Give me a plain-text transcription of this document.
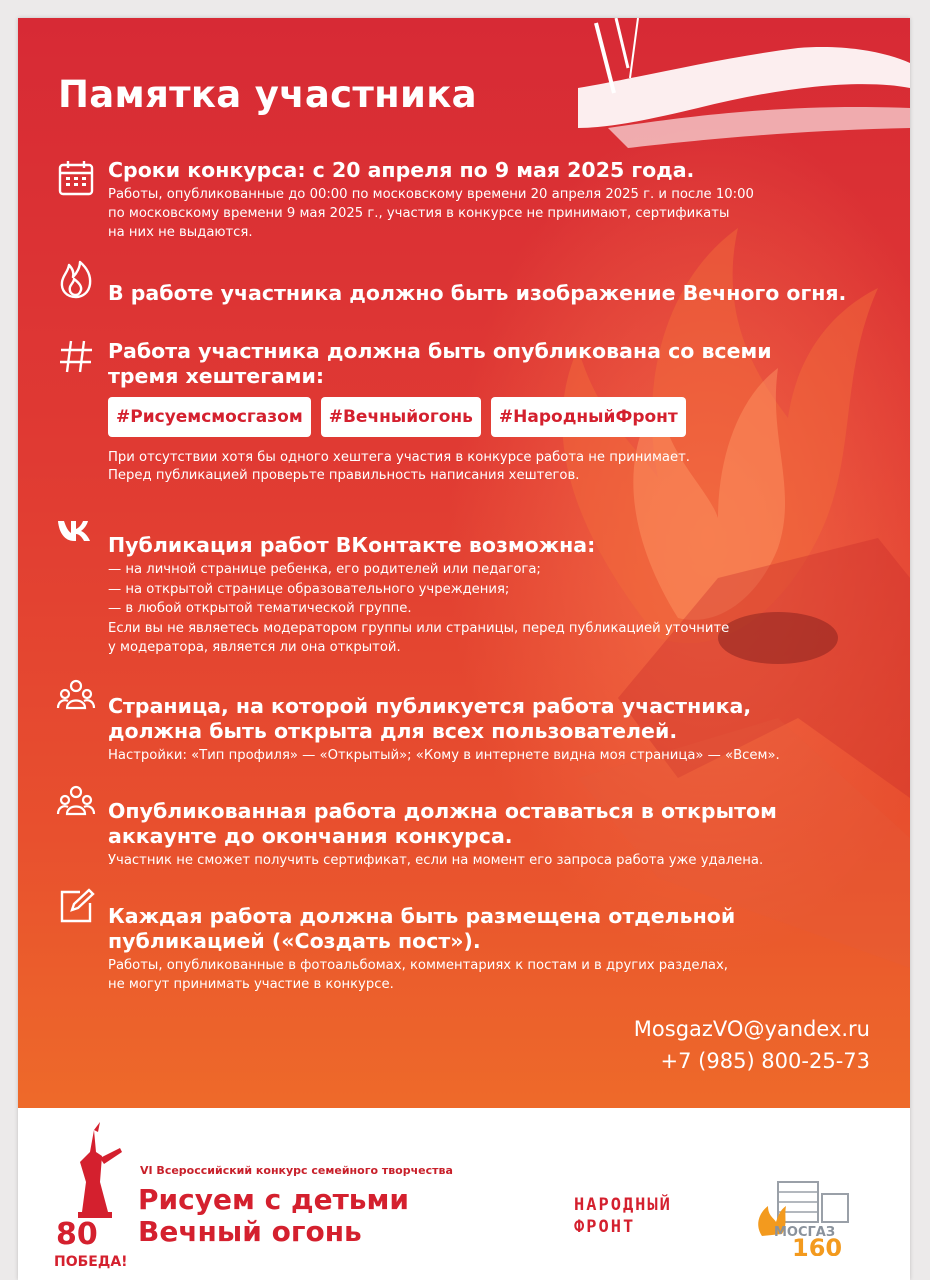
Памятка участника
Сроки конкурса: с 20 апреля по 9 мая 2025 года.
Работы, опубликованные до 00:00 по московскому времени 20 апреля 2025 г. и после 10:00
по московскому времени 9 мая 2025 г., участия в конкурсе не принимают, сертификаты
на них не выдаются.
В работе участника должно быть изображение Вечного огня.
Работа участника должна быть опубликована со всеми
тремя хештегами:
#Рисуемсмосгазом	#Вечныйогонь	#НародныйФронт
При отсутствии хотя бы одного хештега участия в конкурсе работа не принимает.
Перед публикацией проверьте правильность написания хештегов.
Публикация работ ВКонтакте возможна:
— на личной странице ребенка, его родителей или педагога;
— на открытой странице образовательного учреждения;
— в любой открытой тематической группе.
Если вы не являетесь модератором группы или страницы, перед публикацией уточните
у модератора, является ли она открытой.
Страница, на которой публикуется работа участника,
должна быть открыта для всех пользователей.
Настройки: «Тип профиля» — «Открытый»; «Кому в интернете видна моя страница» — «Всем».
Опубликованная работа должна оставаться в открытом
аккаунте до окончания конкурса.
Участник не сможет получить сертификат, если на момент его запроса работа уже удалена.
Каждая работа должна быть размещена отдельной
публикацией («Создать пост»).
Работы, опубликованные в фотоальбомах, комментариях к постам и в других разделах,
не могут принимать участие в конкурсе.
MosgazVO@yandex.ru
+7 (985) 800-25-73
80
ПОБЕДА!
VI Всероссийский конкурс семейного творчества
Рисуем с детьми
Вечный огонь
НАРОДНЫЙ
ФРОНТ	МОСГАЗ
160
